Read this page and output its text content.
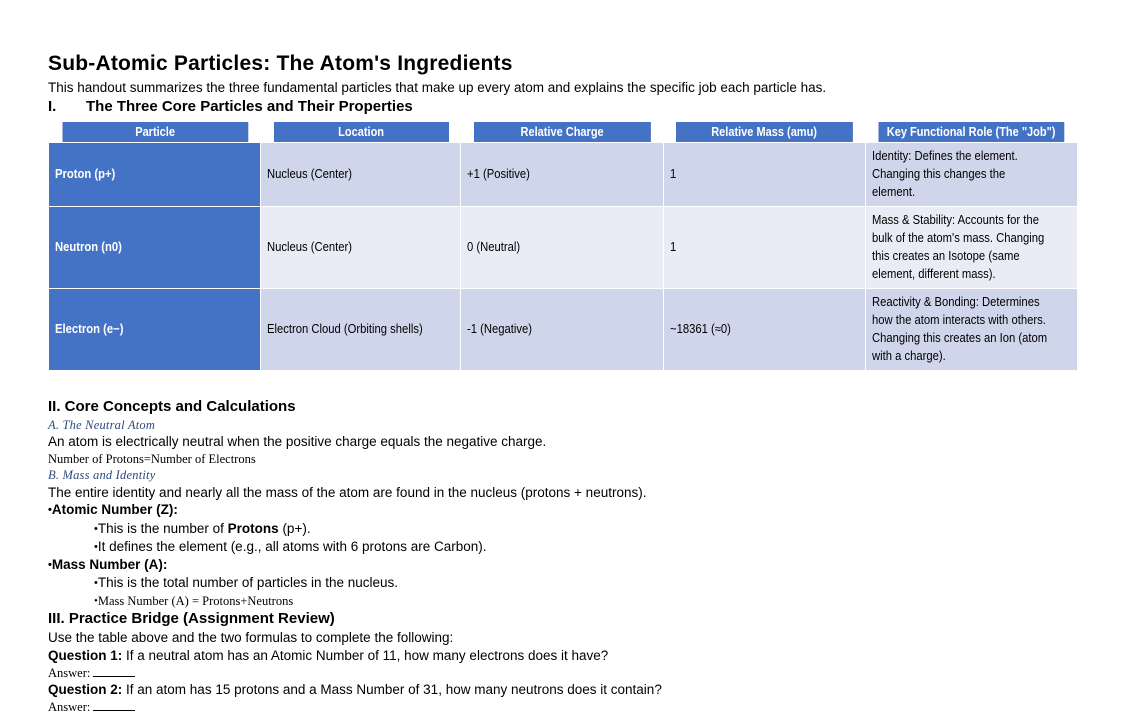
Sub-Atomic Particles: The Atom's Ingredients

This handout summarizes the three fundamental particles that make up every atom and explains the specific job each particle has.

I.	The Three Core Particles and Their Properties
Particle	Location	Relative Charge	Relative Mass (amu)	Key Functional Role (The "Job")
Proton (p+)	Nucleus (Center)	+1 (Positive)	1	Identity: Defines the element. Changing this changes the element.
Neutron (n0)	Nucleus (Center)	0 (Neutral)	1	Mass & Stability: Accounts for the bulk of the atom's mass. Changing this creates an Isotope (same element, different mass).
Electron (e−)	Electron Cloud (Orbiting shells)	-1 (Negative)	~18361 (≈0)	Reactivity & Bonding: Determines how the atom interacts with others. Changing this creates an Ion (atom with a charge).

II. Core Concepts and Calculations

A. The Neutral Atom

An atom is electrically neutral when the positive charge equals the negative charge.

Number of Protons=Number of Electrons

B. Mass and Identity

The entire identity and nearly all the mass of the atom are found in the nucleus (protons + neutrons).

•Atomic Number (Z):

•This is the number of Protons (p+).

•It defines the element (e.g., all atoms with 6 protons are Carbon).

•Mass Number (A):

•This is the total number of particles in the nucleus.

•Mass Number (A) = Protons+Neutrons

III. Practice Bridge (Assignment Review)

Use the table above and the two formulas to complete the following:

Question 1: If a neutral atom has an Atomic Number of 11, how many electrons does it have?

Answer:

Question 2: If an atom has 15 protons and a Mass Number of 31, how many neutrons does it contain?

Answer:
